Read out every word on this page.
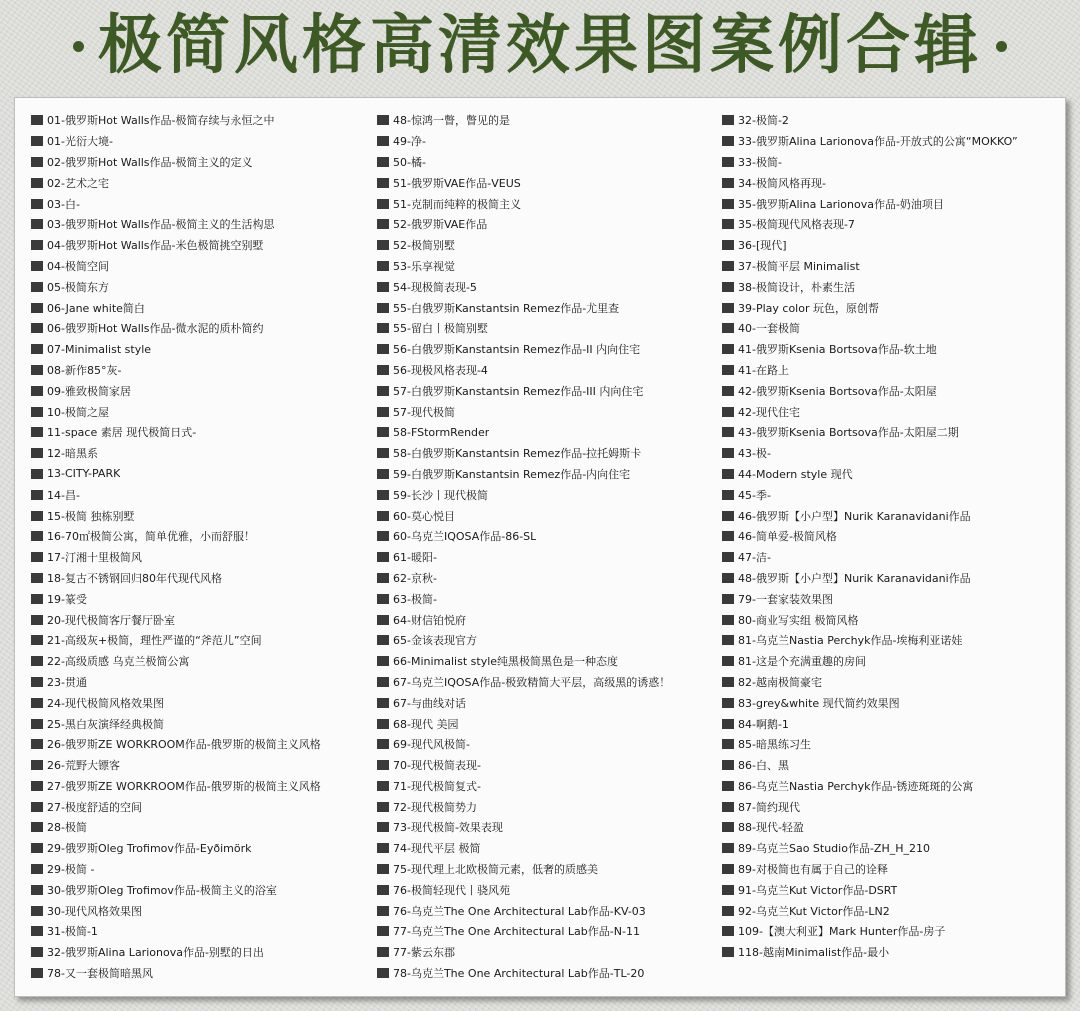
极简风格高清效果图案例合辑
01-俄罗斯Hot Walls作品-极简存续与永恒之中
01-光衍大境-
02-俄罗斯Hot Walls作品-极简主义的定义
02-艺术之宅
03-白-
03-俄罗斯Hot Walls作品-极简主义的生活构思
04-俄罗斯Hot Walls作品-米色极简挑空别墅
04-极简空间
05-极简东方
06-Jane white简白
06-俄罗斯Hot Walls作品-微水泥的质朴简约
07-Minimalist style
08-新作85°灰-
09-雅致极简家居
10-极简之屋
11-space 素居 现代极简日式-
12-暗黑系
13-CITY-PARK
14-昌-
15-极简 独栋别墅
16-70㎡极简公寓，简单优雅，小而舒服！
17-汀湘十里极简风
18-复古不锈钢回归80年代现代风格
19-篆受
20-现代极简客厅餐厅卧室
21-高级灰+极简，理性严谨的“斧范儿”空间
22-高级质感 乌克兰极简公寓
23-贯通
24-现代极简风格效果图
25-黑白灰演绎经典极简
26-俄罗斯ZE WORKROOM作品-俄罗斯的极简主义风格
26-荒野大镖客
27-俄罗斯ZE WORKROOM作品-俄罗斯的极简主义风格
27-极度舒适的空间
28-极简
29-俄罗斯Oleg Trofimov作品-Eyðimörk
29-极简 -
30-俄罗斯Oleg Trofimov作品-极简主义的浴室
30-现代风格效果图
31-极简-1
32-俄罗斯Alina Larionova作品-别墅的日出
78-又一套极简暗黑风
48-惊鸿一瞥，瞥见的是
49-净-
50-橘-
51-俄罗斯VAE作品-VEUS
51-克制而纯粹的极简主义
52-俄罗斯VAE作品
52-极简别墅
53-乐享视觉
54-现极简表现-5
55-白俄罗斯Kanstantsin Remez作品-尤里查
55-留白丨极简别墅
56-白俄罗斯Kanstantsin Remez作品-II 内向住宅
56-现极风格表现-4
57-白俄罗斯Kanstantsin Remez作品-III 内向住宅
57-现代极简
58-FStormRender
58-白俄罗斯Kanstantsin Remez作品-拉托姆斯卡
59-白俄罗斯Kanstantsin Remez作品-内向住宅
59-长沙丨现代极简
60-莫心悦目
60-乌克兰IQOSA作品-86-SL
61-暖阳-
62-京秋-
63-极简-
64-财信铂悦府
65-金该表现官方
66-Minimalist style纯黑极简黑色是一种态度
67-乌克兰IQOSA作品-极致精简大平层，高级黑的诱惑！
67-与曲线对话
68-现代 美园
69-现代风极简-
70-现代极简表现-
71-现代极简复式-
72-现代极简势力
73-现代极简-效果表现
74-现代平层 极简
75-现代理上北欧极简元素，低奢的质感美
76-极简轻现代丨骁风苑
76-乌克兰The One Architectural Lab作品-KV-03
77-乌克兰The One Architectural Lab作品-N-11
77-紫云东郡
78-乌克兰The One Architectural Lab作品-TL-20
32-极简-2
33-俄罗斯Alina Larionova作品-开放式的公寓“MOKKO”
33-极简-
34-极简风格再现-
35-俄罗斯Alina Larionova作品-奶油项目
35-极简现代风格表现-7
36-[现代]
37-极简平层 Minimalist
38-极简设计，朴素生活
39-Play color 玩色，原创帮
40-一套极简
41-俄罗斯Ksenia Bortsova作品-软土地
41-在路上
42-俄罗斯Ksenia Bortsova作品-太阳屋
42-现代住宅
43-俄罗斯Ksenia Bortsova作品-太阳屋二期
43-极-
44-Modern style 现代
45-季-
46-俄罗斯【小户型】Nurik Karanavidani作品
46-简单爱-极简风格
47-洁-
48-俄罗斯【小户型】Nurik Karanavidani作品
79-一套家装效果图
80-商业写实组 极简风格
81-乌克兰Nastia Perchyk作品-埃梅利亚诺娃
81-这是个充满重趣的房间
82-越南极简豪宅
83-grey&white 现代简约效果图
84-啊鹅-1
85-暗黑练习生
86-白、黑
86-乌克兰Nastia Perchyk作品-锈迹斑斑的公寓
87-简约现代
88-现代-轻盈
89-乌克兰Sao Studio作品-ZH_H_210
89-对极简也有属于自己的诠释
91-乌克兰Kut Victor作品-DSRT
92-乌克兰Kut Victor作品-LN2
109-【澳大利亚】Mark Hunter作品-房子
118-越南Minimalist作品-最小
